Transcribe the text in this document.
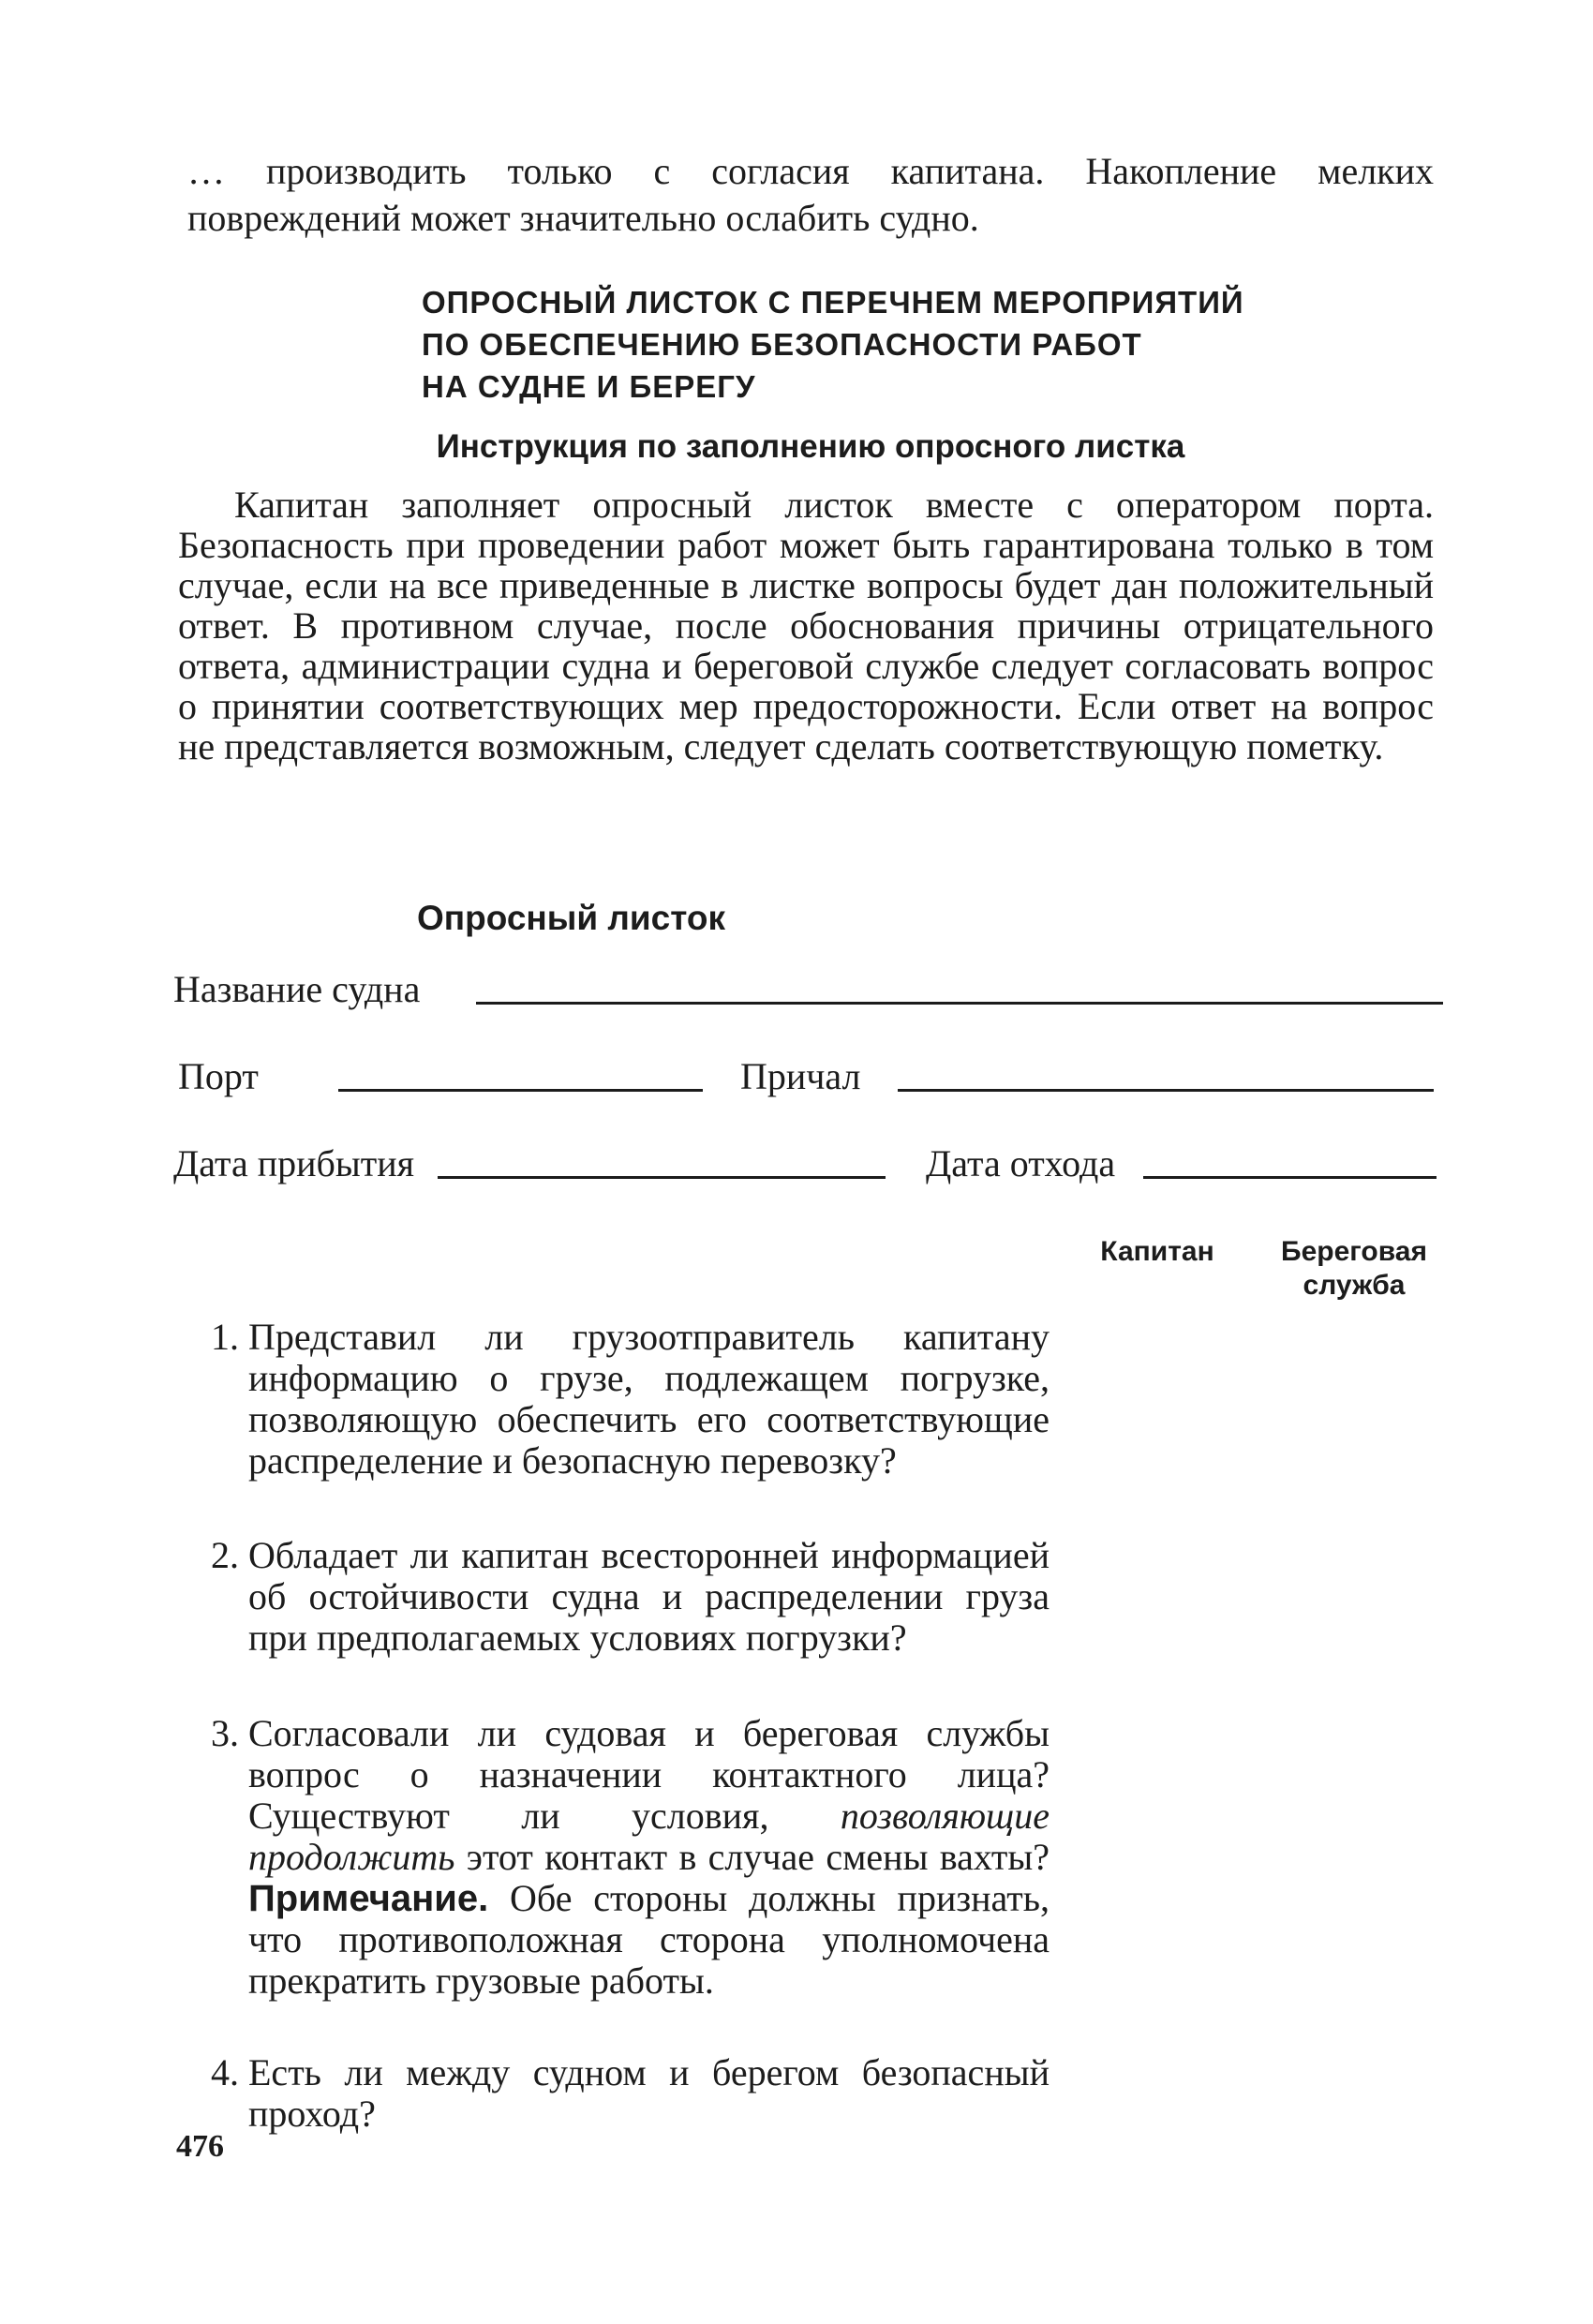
… производить только с согласия капитана. Накопление мелких повреждений может значительно ослабить судно.

ОПРОСНЫЙ ЛИСТОК С ПЕРЕЧНЕМ МЕРОПРИЯТИЙ
ПО ОБЕСПЕЧЕНИЮ БЕЗОПАСНОСТИ РАБОТ
НА СУДНЕ И БЕРЕГУ
Инструкция по заполнению опросного листка

Капитан заполняет опросный листок вместе с оператором порта. Безопасность при проведении работ может быть гарантирована только в том случае, если на все приведенные в листке вопросы будет дан положительный ответ. В противном случае, после обоснования причины отрицательного ответа, администрации судна и береговой службе следует согласовать вопрос о принятии соответствующих мер предосторожности. Если ответ на вопрос не представляется возможным, следует сделать соответствующую пометку.

Опросный листок
Название судна
Порт	Причал
Дата прибытия	Дата отхода
Капитан	Береговая
служба
1. Представил ли грузоотправитель капитану информацию о грузе, подлежащем погрузке, позволяющую обеспечить его соответствующие распределение и безопасную перевозку?

2. Обладает ли капитан всесторонней информацией об остойчивости судна и распределении груза при предполагаемых условиях погрузки?

3. Согласовали ли судовая и береговая службы вопрос о назначении контактного лица? Существуют ли условия, позволяющие продолжить этот контакт в случае смены вахты? Примечание. Обе стороны должны признать, что противоположная сторона уполномочена прекратить грузовые работы.

4. Есть ли между судном и берегом безопасный проход?

476
